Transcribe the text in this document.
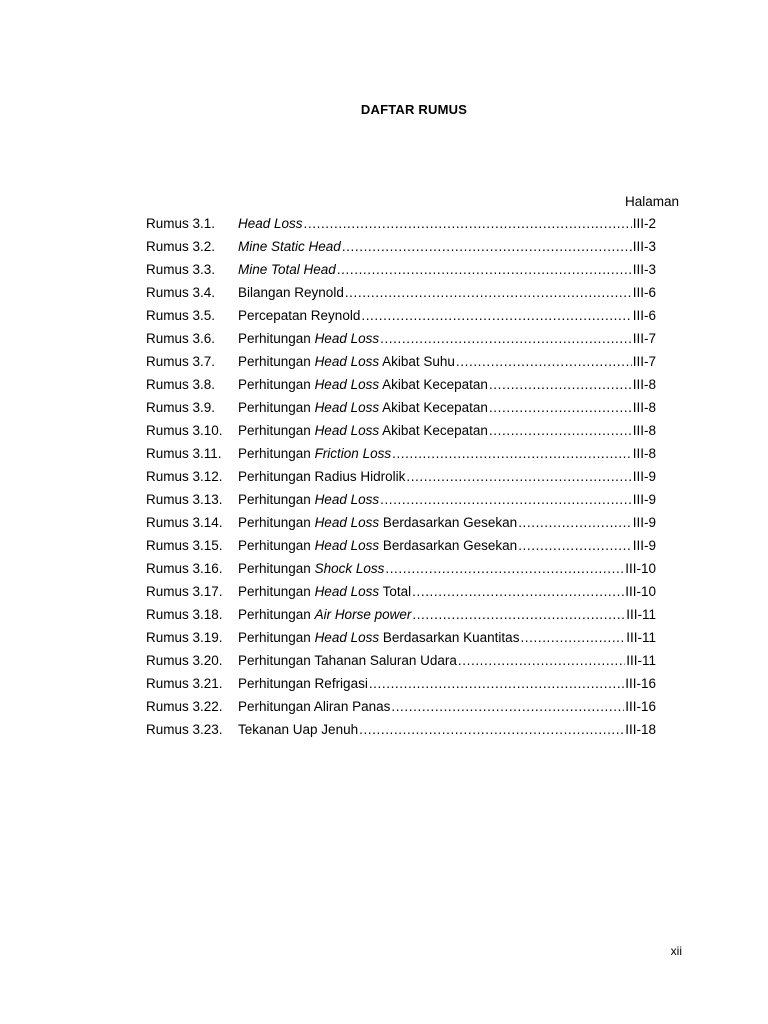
DAFTAR RUMUS
Halaman
Rumus 3.1.	Head Loss .....	III-2
Rumus 3.2.	Mine Static Head .....	III-3
Rumus 3.3.	Mine Total Head .....	III-3
Rumus 3.4.	Bilangan Reynold .....	III-6
Rumus 3.5.	Percepatan Reynold .....	III-6
Rumus 3.6.	Perhitungan Head Loss .....	III-7
Rumus 3.7.	Perhitungan Head Loss Akibat Suhu .....	III-7
Rumus 3.8.	Perhitungan Head Loss Akibat Kecepatan .....	III-8
Rumus 3.9.	Perhitungan Head Loss Akibat Kecepatan .....	III-8
Rumus 3.10.	Perhitungan Head Loss Akibat Kecepatan .....	III-8
Rumus 3.11.	Perhitungan Friction Loss .....	III-8
Rumus 3.12.	Perhitungan Radius Hidrolik .....	III-9
Rumus 3.13.	Perhitungan Head Loss .....	III-9
Rumus 3.14.	Perhitungan Head Loss Berdasarkan Gesekan .....	III-9
Rumus 3.15.	Perhitungan Head Loss Berdasarkan Gesekan .....	III-9
Rumus 3.16.	Perhitungan Shock Loss .....	III-10
Rumus 3.17.	Perhitungan Head Loss Total .....	III-10
Rumus 3.18.	Perhitungan Air Horse power .....	III-11
Rumus 3.19.	Perhitungan Head Loss Berdasarkan Kuantitas .....	III-11
Rumus 3.20.	Perhitungan Tahanan Saluran Udara .....	III-11
Rumus 3.21.	Perhitungan Refrigasi .....	III-16
Rumus 3.22.	Perhitungan Aliran Panas .....	III-16
Rumus 3.23.	Tekanan Uap Jenuh .....	III-18
xii
